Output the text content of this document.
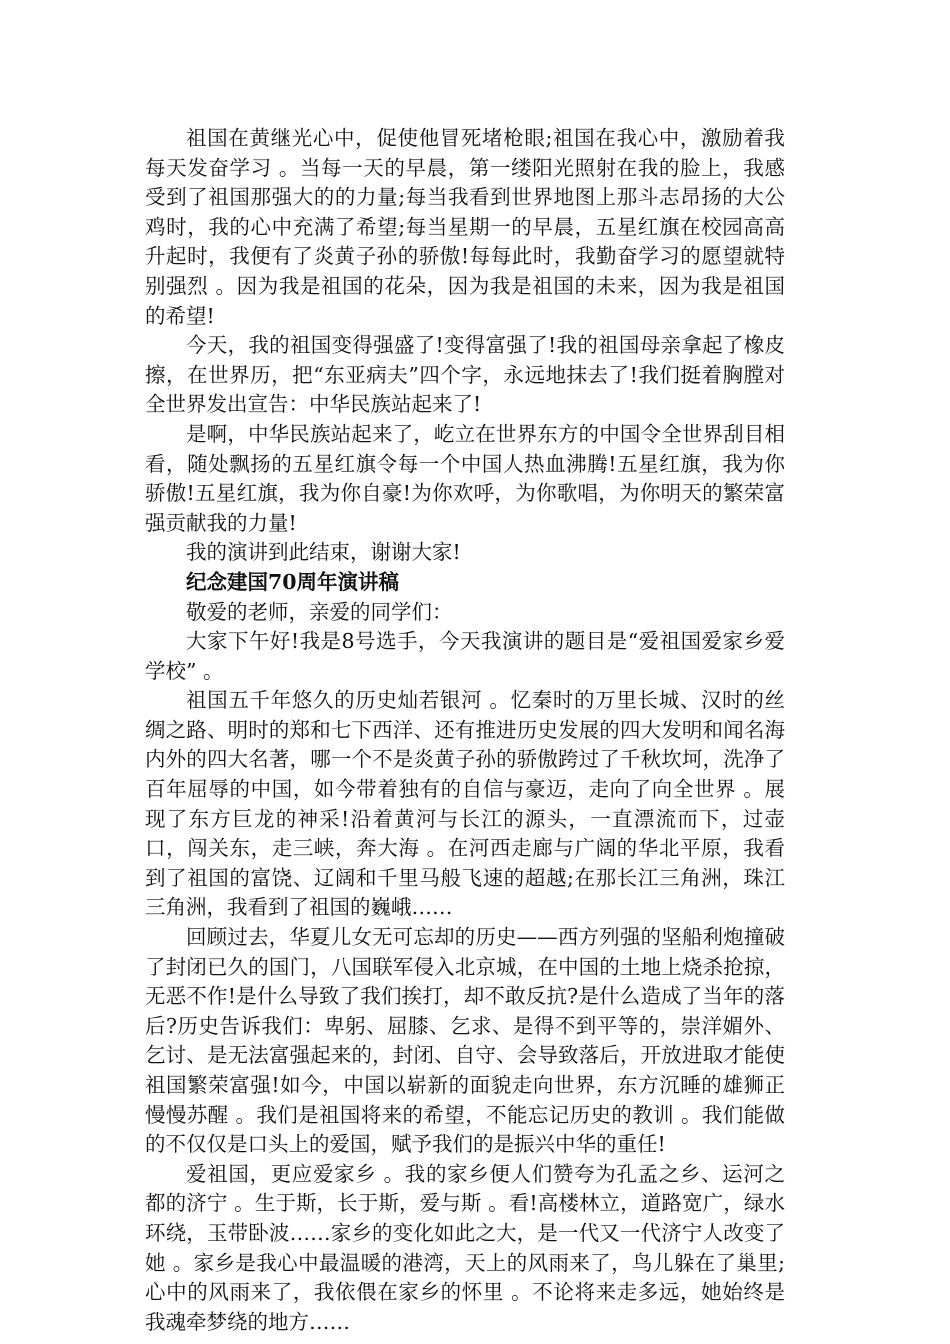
祖国在黄继光心中，促使他冒死堵枪眼;祖国在我心中，激励着我每天发奋学习 。当每一天的早晨，第一缕阳光照射在我的脸上，我感受到了祖国那强大的的力量;每当我看到世界地图上那斗志昂扬的大公鸡时，我的心中充满了希望;每当星期一的早晨，五星红旗在校园高高升起时，我便有了炎黄子孙的骄傲!每每此时，我勤奋学习的愿望就特别强烈 。因为我是祖国的花朵，因为我是祖国的未来，因为我是祖国的希望!

今天，我的祖国变得强盛了!变得富强了!我的祖国母亲拿起了橡皮擦，在世界历，把“东亚病夫”四个字，永远地抹去了!我们挺着胸膛对全世界发出宣告：中华民族站起来了!

是啊，中华民族站起来了，屹立在世界东方的中国令全世界刮目相看，随处飘扬的五星红旗令每一个中国人热血沸腾!五星红旗，我为你骄傲!五星红旗，我为你自豪!为你欢呼，为你歌唱，为你明天的繁荣富强贡献我的力量!

我的演讲到此结束，谢谢大家!

纪念建国70周年演讲稿

敬爱的老师，亲爱的同学们：

大家下午好!我是8号选手，今天我演讲的题目是“爱祖国爱家乡爱学校” 。

祖国五千年悠久的历史灿若银河 。忆秦时的万里长城、汉时的丝绸之路、明时的郑和七下西洋、还有推进历史发展的四大发明和闻名海内外的四大名著，哪一个不是炎黄子孙的骄傲跨过了千秋坎坷，洗净了百年屈辱的中国，如今带着独有的自信与豪迈，走向了向全世界 。展现了东方巨龙的神采!沿着黄河与长江的源头，一直漂流而下，过壶口，闯关东，走三峡，奔大海 。在河西走廊与广阔的华北平原，我看到了祖国的富饶、辽阔和千里马般飞速的超越;在那长江三角洲，珠江三角洲，我看到了祖国的巍峨……

回顾过去，华夏儿女无可忘却的历史——西方列强的坚船利炮撞破了封闭已久的国门，八国联军侵入北京城，在中国的土地上烧杀抢掠，无恶不作!是什么导致了我们挨打，却不敢反抗?是什么造成了当年的落后?历史告诉我们：卑躬、屈膝、乞求、是得不到平等的，崇洋媚外、乞讨、是无法富强起来的，封闭、自守、会导致落后，开放进取才能使祖国繁荣富强!如今，中国以崭新的面貌走向世界，东方沉睡的雄狮正慢慢苏醒 。我们是祖国将来的希望，不能忘记历史的教训 。我们能做的不仅仅是口头上的爱国，赋予我们的是振兴中华的重任!

爱祖国，更应爱家乡 。我的家乡便人们赞夸为孔孟之乡、运河之都的济宁 。生于斯，长于斯，爱与斯 。看!高楼林立，道路宽广，绿水环绕，玉带卧波……家乡的变化如此之大，是一代又一代济宁人改变了她 。家乡是我心中最温暖的港湾，天上的风雨来了，鸟儿躲在了巢里;心中的风雨来了，我依偎在家乡的怀里 。不论将来走多远，她始终是我魂牵梦绕的地方……
